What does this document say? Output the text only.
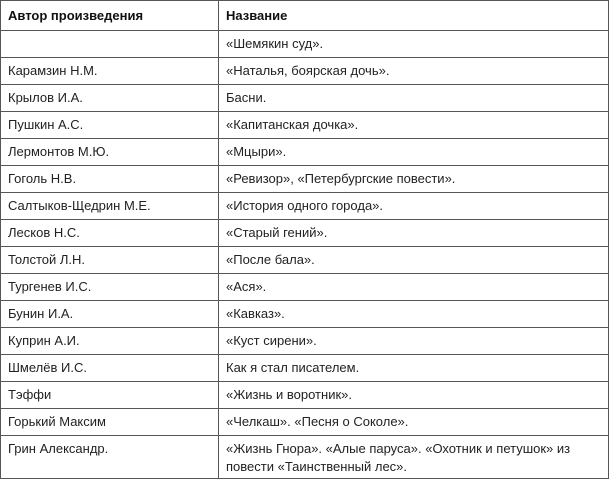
Автор произведения	Название
	«Шемякин суд».
Карамзин Н.М.	«Наталья, боярская дочь».
Крылов И.А.	Басни.
Пушкин А.С.	«Капитанская дочка».
Лермонтов М.Ю.	«Мцыри».
Гоголь Н.В.	«Ревизор», «Петербургские повести».
Салтыков-Щедрин М.Е.	«История одного города».
Лесков Н.С.	«Старый гений».
Толстой Л.Н.	«После бала».
Тургенев И.С.	«Ася».
Бунин И.А.	«Кавказ».
Куприн А.И.	«Куст сирени».
Шмелёв И.С.	Как я стал писателем.
Тэффи	«Жизнь и воротник».
Горький Максим	«Челкаш». «Песня о Соколе».
Грин Александр.	«Жизнь Гнора». «Алые паруса». «Охотник и петушок» из повести «Таинственный лес».
